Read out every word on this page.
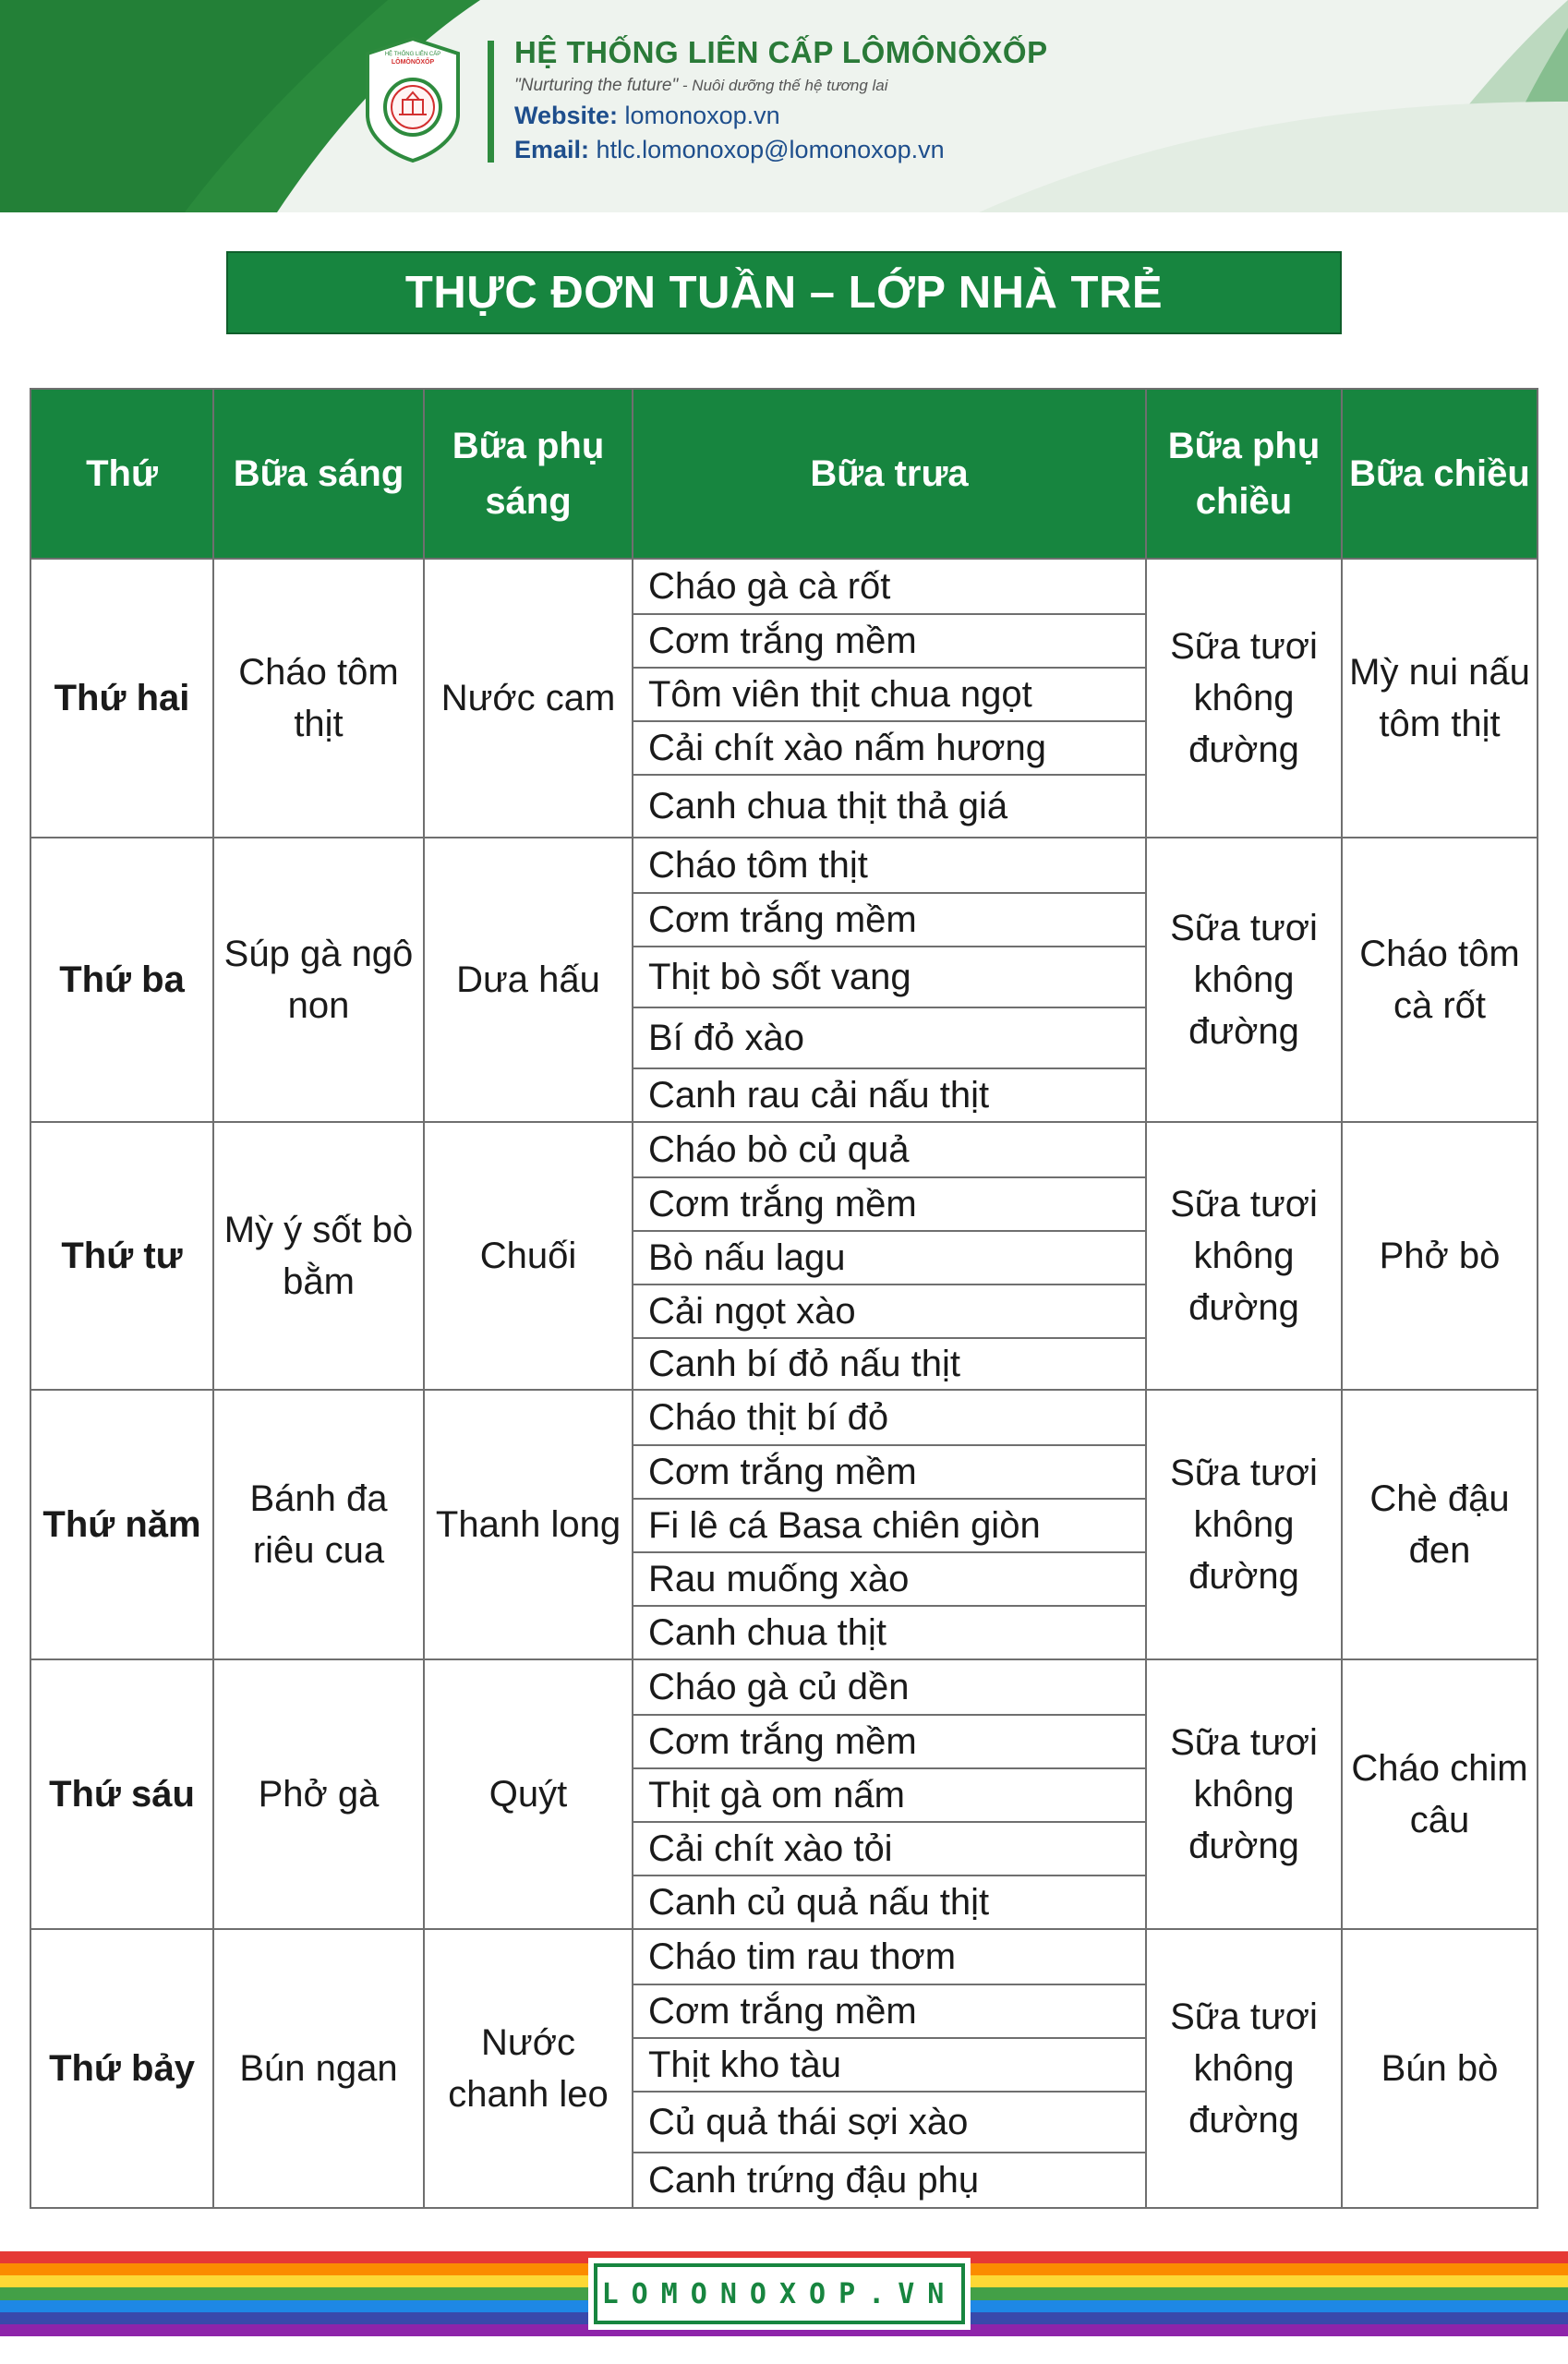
HỆ THỐNG LIÊN CẤP
LÔMÔNÔXỐP	HỆ THỐNG LIÊN CẤP LÔMÔNÔXỐP
"Nurturing the future" - Nuôi dưỡng thế hệ tương lai
Website: lomonoxop.vn
Email: htlc.lomonoxop@lomonoxop.vn
THỰC ĐƠN TUẦN – LỚP NHÀ TRẺ
Thứ	Bữa sáng	Bữa phụ sáng	Bữa trưa	Bữa phụ chiều	Bữa chiều
Thứ hai	Cháo tôm thịt	Nước cam	Cháo gà cà rốt
Cơm trắng mềm
Tôm viên thịt chua ngọt
Cải chít xào nấm hương
Canh chua thịt thả giá	Sữa tươi không đường	Mỳ nui nấu tôm thịt
Thứ ba	Súp gà ngô non	Dưa hấu	Cháo tôm thịt
Cơm trắng mềm
Thịt bò sốt vang
Bí đỏ xào
Canh rau cải nấu thịt	Sữa tươi không đường	Cháo tôm cà rốt
Thứ tư	Mỳ ý sốt bò bằm	Chuối	Cháo bò củ quả
Cơm trắng mềm
Bò nấu lagu
Cải ngọt xào
Canh bí đỏ nấu thịt	Sữa tươi không đường	Phở bò
Thứ năm	Bánh đa riêu cua	Thanh long	Cháo thịt bí đỏ
Cơm trắng mềm
Fi lê cá Basa chiên giòn
Rau muống xào
Canh chua thịt	Sữa tươi không đường	Chè đậu đen
Thứ sáu	Phở gà	Quýt	Cháo gà củ dền
Cơm trắng mềm
Thịt gà om nấm
Cải chít xào tỏi
Canh củ quả nấu thịt	Sữa tươi không đường	Cháo chim câu
Thứ bảy	Bún ngan	Nước chanh leo	Cháo tim rau thơm
Cơm trắng mềm
Thịt kho tàu
Củ quả thái sợi xào
Canh trứng đậu phụ	Sữa tươi không đường	Bún bò
LOMONOXOP.VN
